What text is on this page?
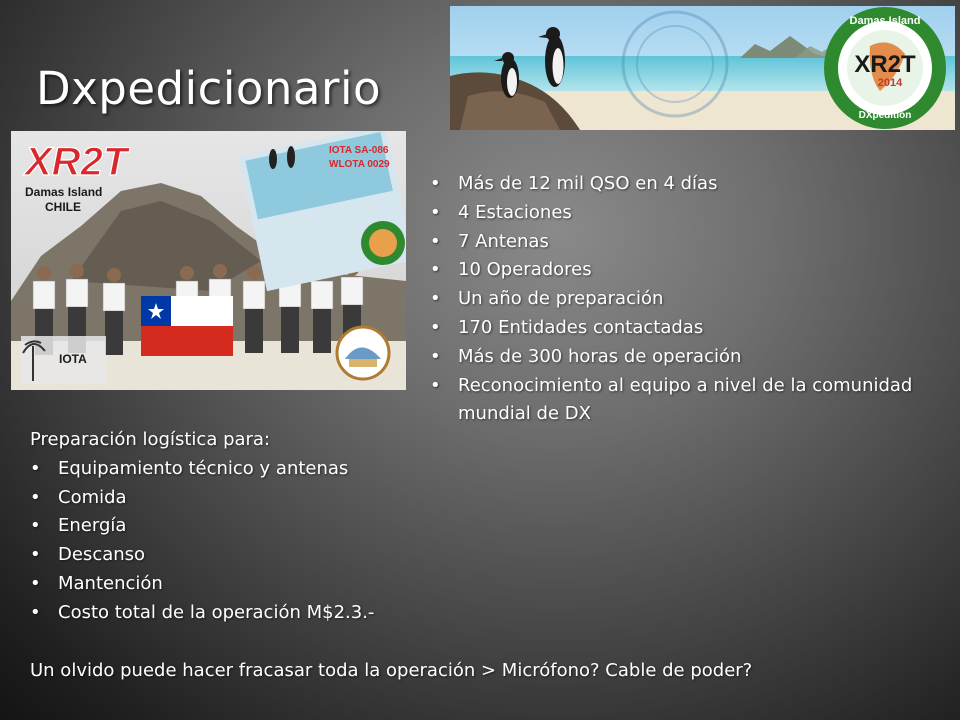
Dxpedicionario
Damas Island
XR2T
2014
DXpedition
XR2T
Damas Island
CHILE
IOTA SA-086
WLOTA 0029
IOTA
• Más de 12 mil QSO en 4 días
• 4 Estaciones
• 7 Antenas
• 10 Operadores
• Un año de preparación
• 170 Entidades contactadas
• Más de 300 horas de operación
• Reconocimiento al equipo a nivel de la comunidad mundial de DX
Preparación logística para:
• Equipamiento técnico y antenas
• Comida
• Energía
• Descanso
• Mantención
• Costo total de la operación M$2.3.-
Un olvido puede hacer fracasar toda la operación > Micrófono? Cable de poder?
